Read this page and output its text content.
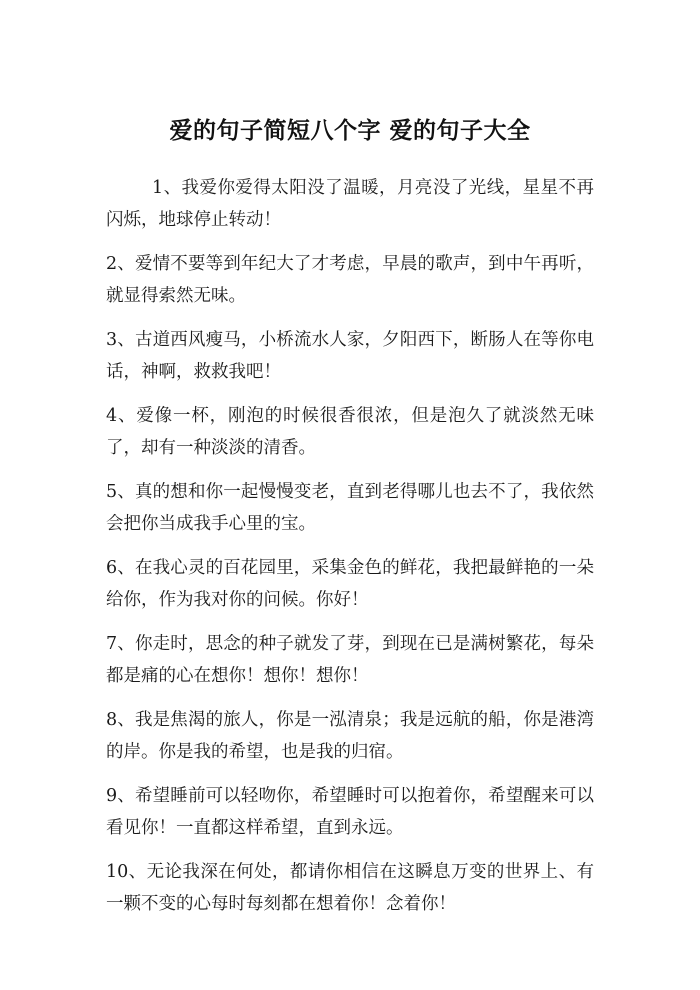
爱的句子简短八个字 爱的句子大全

1、我爱你爱得太阳没了温暖，月亮没了光线，星星不再闪烁，地球停止转动！

2、爱情不要等到年纪大了才考虑，早晨的歌声，到中午再听，就显得索然无味。

3、古道西风瘦马，小桥流水人家，夕阳西下，断肠人在等你电话，神啊，救救我吧！

4、爱像一杯，刚泡的时候很香很浓，但是泡久了就淡然无味了，却有一种淡淡的清香。

5、真的想和你一起慢慢变老，直到老得哪儿也去不了，我依然会把你当成我手心里的宝。

6、在我心灵的百花园里，采集金色的鲜花，我把最鲜艳的一朵给你，作为我对你的问候。你好！

7、你走时，思念的种子就发了芽，到现在已是满树繁花，每朵都是痛的心在想你！想你！想你！

8、我是焦渴的旅人，你是一泓清泉；我是远航的船，你是港湾的岸。你是我的希望，也是我的归宿。

9、希望睡前可以轻吻你，希望睡时可以抱着你，希望醒来可以看见你！一直都这样希望，直到永远。

10、无论我深在何处，都请你相信在这瞬息万变的世界上、有一颗不变的心每时每刻都在想着你！念着你！
